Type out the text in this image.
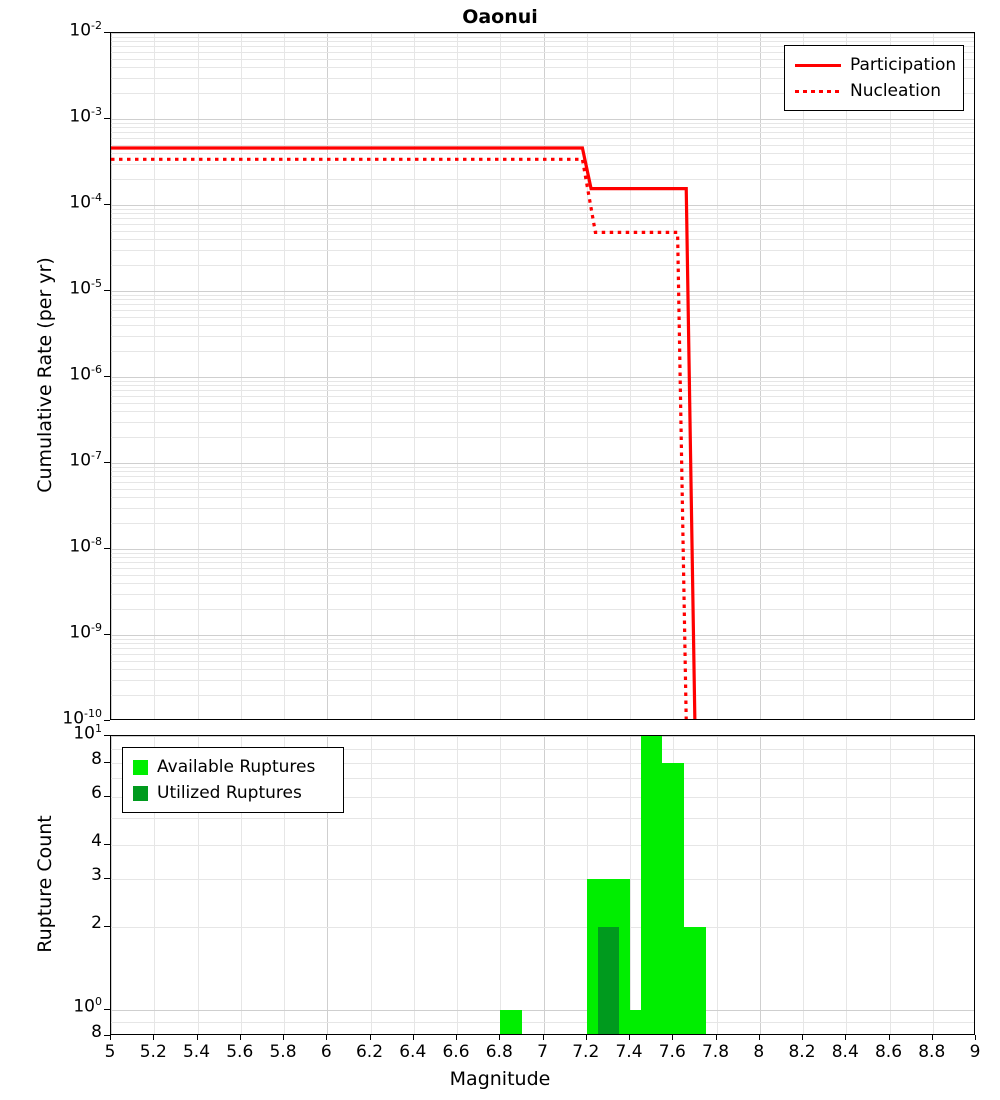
Oaonui
$10^{-2}$
$10^{-3}$
$10^{-4}$
$10^{-5}$
$10^{-6}$
$10^{-7}$
$10^{-8}$
$10^{-9}$
$10^{-10}$
Cumulative Rate (per yr)
Participation
Nucleation
$10^1$
8
6
4
3
2
$10^0$
8
Rupture Count
Available Ruptures
Utilized Ruptures
5	5.2 5.4 5.6 5.8	6	6.2 6.4 6.6 6.8	7	7.2 7.4 7.6 7.8	8	8.2 8.4 8.6 8.8	9
Magnitude
